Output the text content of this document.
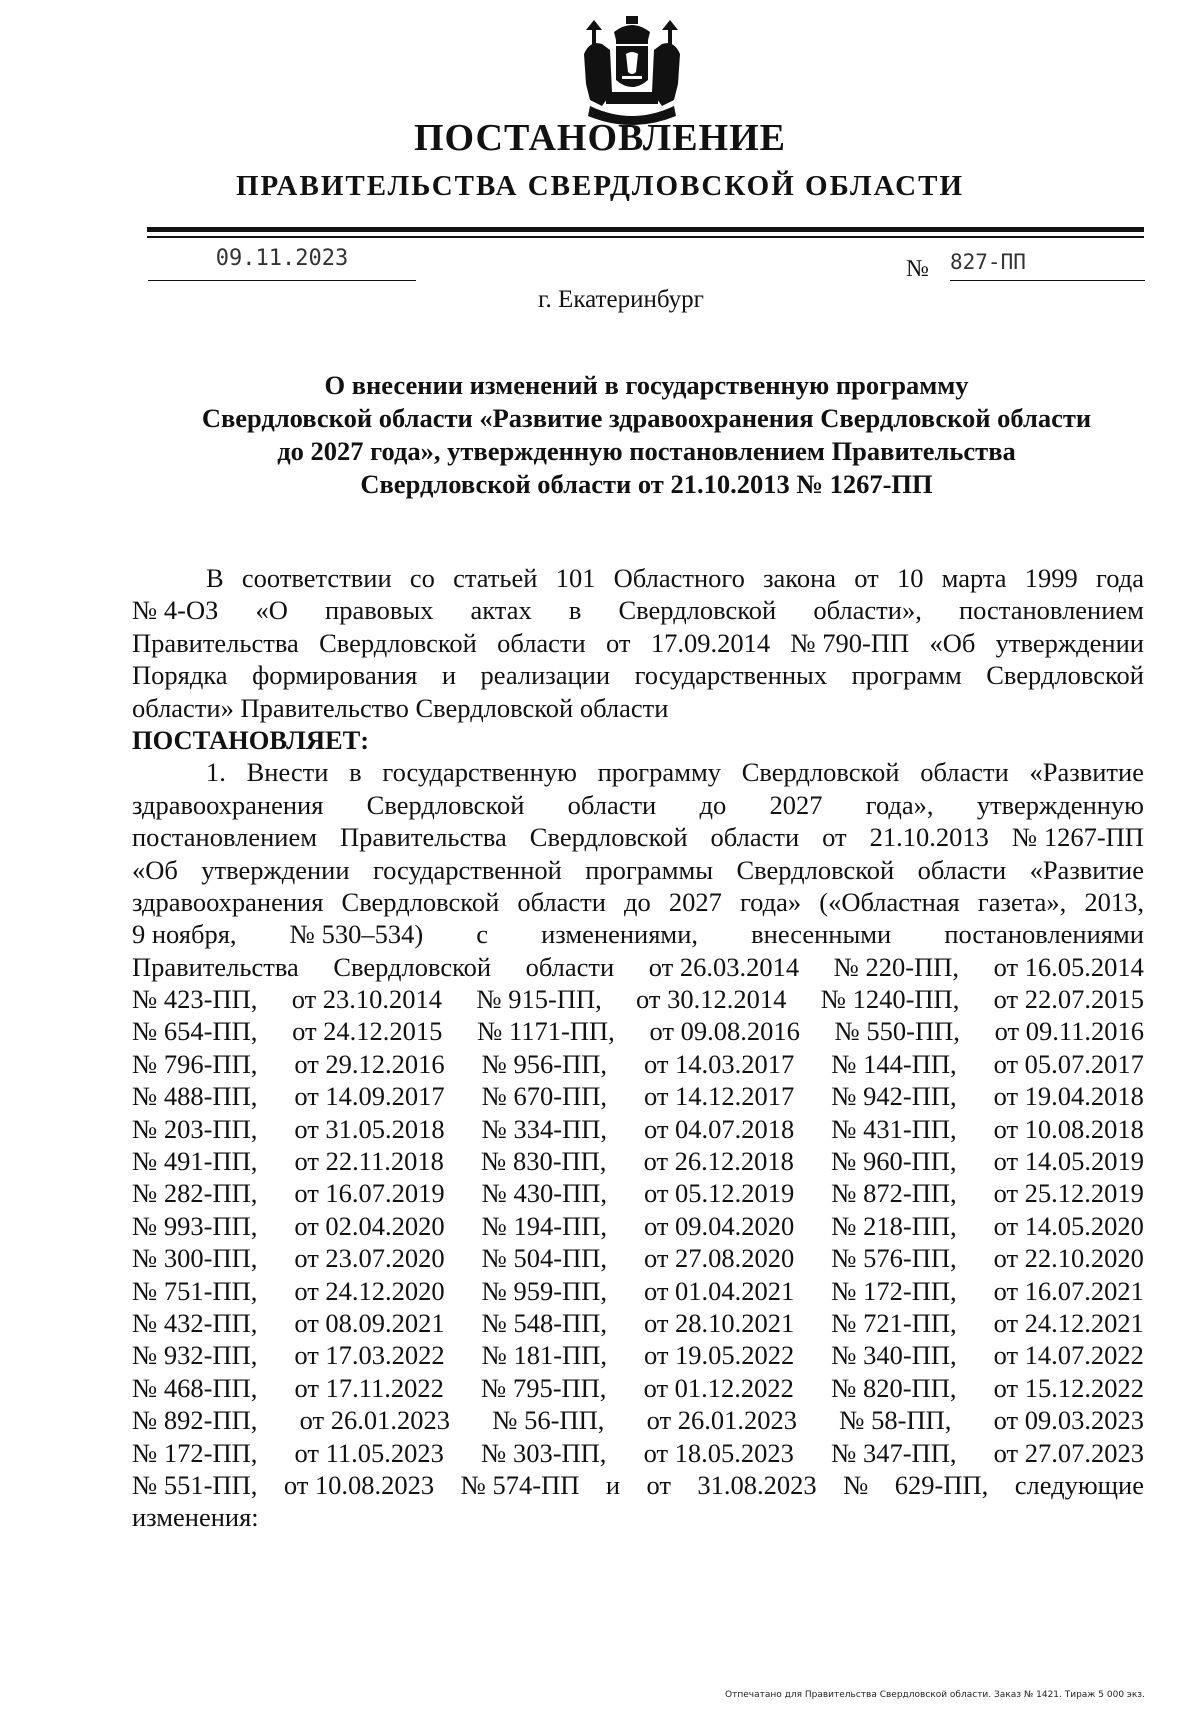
ПОСТАНОВЛЕНИЕ
ПРАВИТЕЛЬСТВА СВЕРДЛОВСКОЙ ОБЛАСТИ
09.11.2023	№ 827-ПП
г. Екатеринбург
О внесении изменений в государственную программу
Свердловской области «Развитие здравоохранения Свердловской области
до 2027 года», утвержденную постановлением Правительства
Свердловской области от 21.10.2013 № 1267-ПП
В соответствии со статьей 101 Областного закона от 10 марта 1999 года
№ 4-ОЗ «О правовых актах в Свердловской области», постановлением
Правительства Свердловской области от 17.09.2014 № 790-ПП «Об утверждении
Порядка формирования и реализации государственных программ Свердловской
области» Правительство Свердловской области
ПОСТАНОВЛЯЕТ:
1. Внести в государственную программу Свердловской области «Развитие
здравоохранения Свердловской области до 2027 года», утвержденную
постановлением Правительства Свердловской области от 21.10.2013 № 1267-ПП
«Об утверждении государственной программы Свердловской области «Развитие
здравоохранения Свердловской области до 2027 года» («Областная газета», 2013,
9 ноября, № 530–534) с изменениями, внесенными постановлениями
Правительства Свердловской области от 26.03.2014 № 220-ПП, от 16.05.2014
№ 423-ПП, от 23.10.2014 № 915-ПП, от 30.12.2014 № 1240-ПП, от 22.07.2015
№ 654-ПП, от 24.12.2015 № 1171-ПП, от 09.08.2016 № 550-ПП, от 09.11.2016
№ 796-ПП, от 29.12.2016 № 956-ПП, от 14.03.2017 № 144-ПП, от 05.07.2017
№ 488-ПП, от 14.09.2017 № 670-ПП, от 14.12.2017 № 942-ПП, от 19.04.2018
№ 203-ПП, от 31.05.2018 № 334-ПП, от 04.07.2018 № 431-ПП, от 10.08.2018
№ 491-ПП, от 22.11.2018 № 830-ПП, от 26.12.2018 № 960-ПП, от 14.05.2019
№ 282-ПП, от 16.07.2019 № 430-ПП, от 05.12.2019 № 872-ПП, от 25.12.2019
№ 993-ПП, от 02.04.2020 № 194-ПП, от 09.04.2020 № 218-ПП, от 14.05.2020
№ 300-ПП, от 23.07.2020 № 504-ПП, от 27.08.2020 № 576-ПП, от 22.10.2020
№ 751-ПП, от 24.12.2020 № 959-ПП, от 01.04.2021 № 172-ПП, от 16.07.2021
№ 432-ПП, от 08.09.2021 № 548-ПП, от 28.10.2021 № 721-ПП, от 24.12.2021
№ 932-ПП, от 17.03.2022 № 181-ПП, от 19.05.2022 № 340-ПП, от 14.07.2022
№ 468-ПП, от 17.11.2022 № 795-ПП, от 01.12.2022 № 820-ПП, от 15.12.2022
№ 892-ПП, от 26.01.2023 № 56-ПП, от 26.01.2023 № 58-ПП, от 09.03.2023
№ 172-ПП, от 11.05.2023 № 303-ПП, от 18.05.2023 № 347-ПП, от 27.07.2023
№ 551-ПП, от 10.08.2023 № 574-ПП и от 31.08.2023 № 629-ПП, следующие
изменения:
Отпечатано для Правительства Свердловской области. Заказ № 1421. Тираж 5 000 экз.
